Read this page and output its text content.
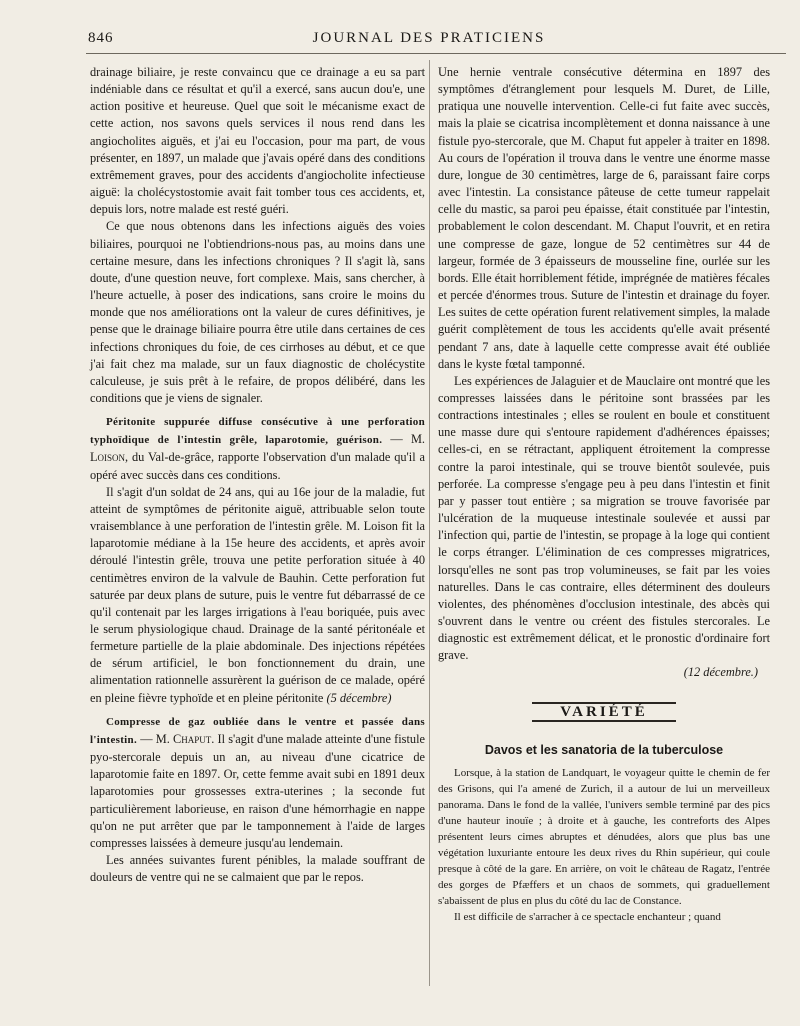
846	JOURNAL DES PRATICIENS

drainage biliaire, je reste convaincu que ce drainage a eu sa part indéniable dans ce résultat et qu'il a exercé, sans aucun dou'e, une action positive et heureuse. Quel que soit le mécanisme exact de cette action, nos savons quels services il nous rend dans les angiocholites aiguës, et j'ai eu l'occasion, pour ma part, de vous présenter, en 1897, un malade que j'avais opéré dans des conditions extrêmement graves, pour des accidents d'angiocholite infectieuse aiguë: la cholécystostomie avait fait tomber tous ces accidents, et, depuis lors, notre malade est resté guéri.

Ce que nous obtenons dans les infections aiguës des voies biliaires, pourquoi ne l'obtiendrions-nous pas, au moins dans une certaine mesure, dans les infections chroniques ? Il s'agit là, sans doute, d'une question neuve, fort complexe. Mais, sans chercher, à l'heure actuelle, à poser des indications, sans croire le moins du monde que nos améliorations ont la valeur de cures définitives, je pense que le drainage biliaire pourra être utile dans certaines de ces infections chroniques du foie, de ces cirrhoses au début, et ce que j'ai fait chez ma malade, sur un faux diagnostic de cholécystite calculeuse, je suis prêt à le refaire, de propos délibéré, dans les conditions que je viens de signaler.

Péritonite suppurée diffuse consécutive à une perforation typhoïdique de l'intestin grêle, laparotomie, guérison. — M. Loison, du Val-de-grâce, rapporte l'observation d'un malade qu'il a opéré avec succès dans ces conditions.

Il s'agit d'un soldat de 24 ans, qui au 16e jour de la maladie, fut atteint de symptômes de péritonite aiguë, attribuable selon toute vraisemblance à une perforation de l'intestin grêle. M. Loison fit la laparotomie médiane à la 15e heure des accidents, et après avoir déroulé l'intestin grêle, trouva une petite perforation située à 40 centimètres environ de la valvule de Bauhin. Cette perforation fut saturée par deux plans de suture, puis le ventre fut débarrassé de ce qu'il contenait par les larges irrigations à l'eau boriquée, puis avec le serum physiologique chaud. Drainage de la santé péritonéale et fermeture partielle de la plaie abdominale. Des injections répétées de sérum artificiel, le bon fonctionnement du drain, une alimentation rationnelle assurèrent la guérison de ce malade, opéré en pleine fièvre typhoïde et en pleine péritonite (5 décembre)

Compresse de gaz oubliée dans le ventre et passée dans l'intestin. — M. Chaput. Il s'agit d'une malade atteinte d'une fistule pyo-stercorale depuis un an, au niveau d'une cicatrice de laparotomie faite en 1897. Or, cette femme avait subi en 1891 deux laparotomies pour grossesses extra-uterines ; la seconde fut particulièrement laborieuse, en raison d'une hémorrhagie en nappe qu'on ne put arrêter que par le tamponnement à l'aide de larges compresses laissées à demeure jusqu'au lendemain.

Les années suivantes furent pénibles, la malade souffrant de douleurs de ventre qui ne se calmaient que par le repos.

Une hernie ventrale consécutive détermina en 1897 des symptômes d'étranglement pour lesquels M. Duret, de Lille, pratiqua une nouvelle intervention. Celle-ci fut faite avec succès, mais la plaie se cicatrisa incomplètement et donna naissance à une fistule pyo-stercorale, que M. Chaput fut appeler à traiter en 1898. Au cours de l'opération il trouva dans le ventre une énorme masse dure, longue de 30 centimètres, large de 6, paraissant faire corps avec l'intestin. La consistance pâteuse de cette tumeur rappelait celle du mastic, sa paroi peu épaisse, était constituée par l'intestin, probablement le colon descendant. M. Chaput l'ouvrit, et en retira une compresse de gaze, longue de 52 centimètres sur 44 de largeur, formée de 3 épaisseurs de mousseline fine, ourlée sur les bords. Elle était horriblement fétide, imprégnée de matières fécales et percée d'énormes trous. Suture de l'intestin et drainage du foyer. Les suites de cette opération furent relativement simples, la malade guérit complètement de tous les accidents qu'elle avait présenté pendant 7 ans, date à laquelle cette compresse avait été oubliée dans le kyste fœtal tamponné.

Les expériences de Jalaguier et de Mauclaire ont montré que les compresses laissées dans le péritoine sont brassées par les contractions intestinales ; elles se roulent en boule et constituent une masse dure qui s'entoure rapidement d'adhérences épaisses; celles-ci, en se rétractant, appliquent étroitement la compresse contre la paroi intestinale, qui se trouve bientôt soulevée, puis perforée. La compresse s'engage peu à peu dans l'intestin et finit par y passer tout entière ; sa migration se trouve favorisée par l'ulcération de la muqueuse intestinale soulevée et aussi par l'infection qui, partie de l'intestin, se propage à la loge qui contient le corps étranger. L'élimination de ces compresses migratrices, lorsqu'elles ne sont pas trop volumineuses, se fait par les voies naturelles. Dans le cas contraire, elles déterminent des douleurs violentes, des phénomènes d'occlusion intestinale, des abcès qui s'ouvrent dans le ventre ou créent des fistules stercorales. Le diagnostic est extrêmement délicat, et le pronostic d'ordinaire fort grave.

(12 décembre.)
VARIÉTÉ
Davos et les sanatoria de la tuberculose

Lorsque, à la station de Landquart, le voyageur quitte le chemin de fer des Grisons, qui l'a amené de Zurich, il a autour de lui un merveilleux panorama. Dans le fond de la vallée, l'univers semble terminé par des pics d'une hauteur inouïe ; à droite et à gauche, les contreforts des Alpes présentent leurs cimes abruptes et dénudées, alors que plus bas une végétation luxuriante entoure les deux rives du Rhin supérieur, qui coule presque à côté de la gare. En arrière, on voit le château de Ragatz, l'entrée des gorges de Pfæffers et un chaos de sommets, qui graduellement s'abaissent de plus en plus du côté du lac de Constance.

Il est difficile de s'arracher à ce spectacle enchanteur ; quand
